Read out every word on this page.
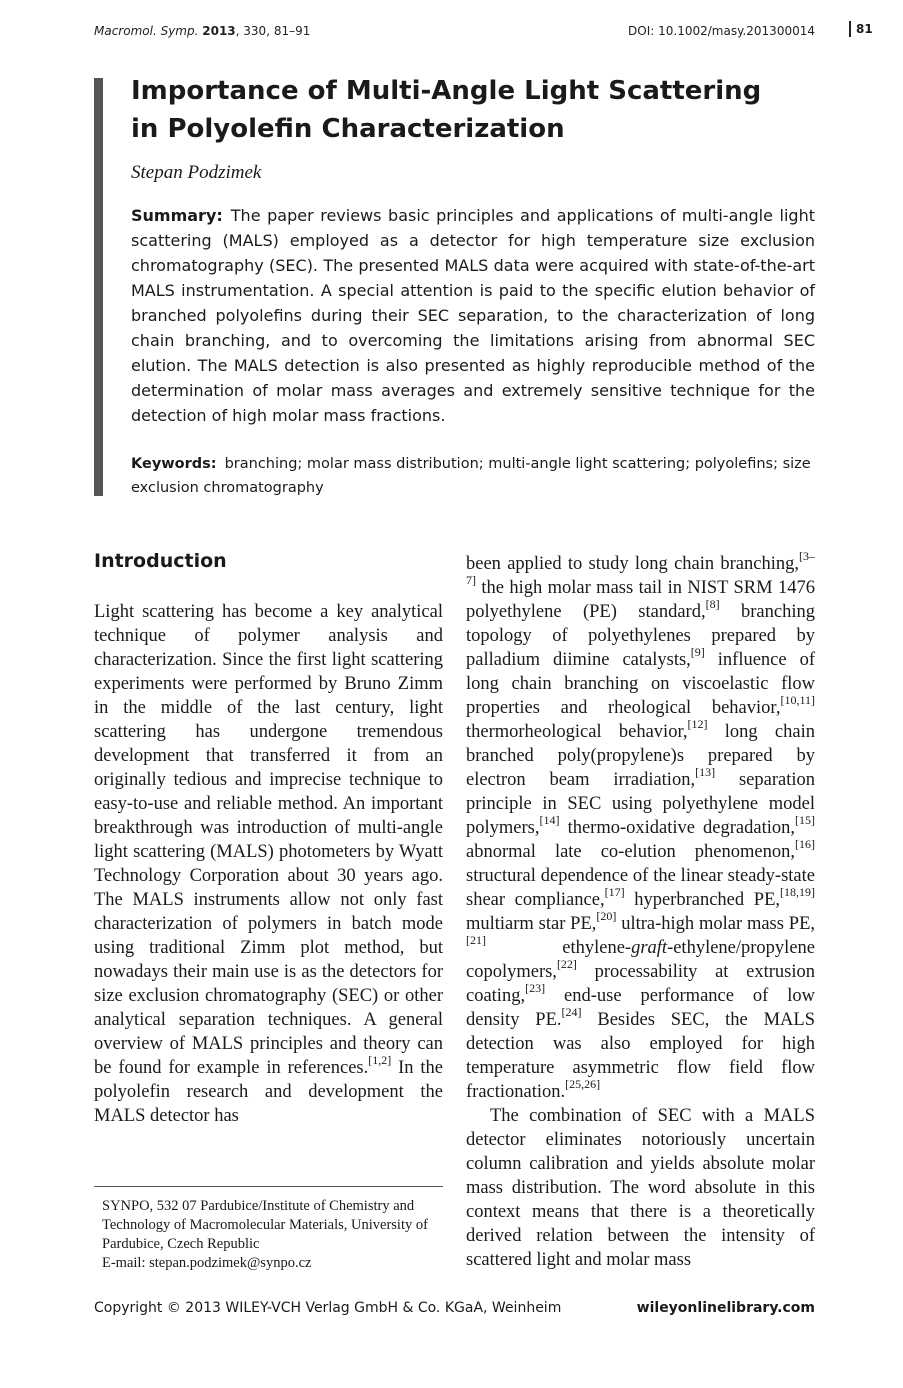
Macromol. Symp. 2013, 330, 81–91	DOI: 10.1002/masy.201300014	81
Importance of Multi-Angle Light Scattering
in Polyolefin Characterization
Stepan Podzimek

Summary: The paper reviews basic principles and applications of multi-angle light scattering (MALS) employed as a detector for high temperature size exclusion chromatography (SEC). The presented MALS data were acquired with state-of-the-art MALS instrumentation. A special attention is paid to the specific elution behavior of branched polyolefins during their SEC separation, to the characterization of long chain branching, and to overcoming the limitations arising from abnormal SEC elution. The MALS detection is also presented as highly reproducible method of the determination of molar mass averages and extremely sensitive technique for the detection of high molar mass fractions.

Keywords: branching; molar mass distribution; multi-angle light scattering; polyolefins; size exclusion chromatography

Introduction

Light scattering has become a key analytical technique of polymer analysis and characterization. Since the first light scattering experiments were performed by Bruno Zimm in the middle of the last century, light scattering has undergone tremendous development that transferred it from an originally tedious and imprecise technique to easy-to-use and reliable method. An important breakthrough was introduction of multi-angle light scattering (MALS) photometers by Wyatt Technology Corporation about 30 years ago. The MALS instruments allow not only fast characterization of polymers in batch mode using traditional Zimm plot method, but nowadays their main use is as the detectors for size exclusion chromatography (SEC) or other analytical separation techniques. A general overview of MALS principles and theory can be found for example in references.[1,2] In the polyolefin research and development the MALS detector has

been applied to study long chain branching,[3–7] the high molar mass tail in NIST SRM 1476 polyethylene (PE) standard,[8] branching topology of polyethylenes prepared by palladium diimine catalysts,[9] influence of long chain branching on viscoelastic flow properties and rheological behavior,[10,11] thermorheological behavior,[12] long chain branched poly(propylene)s prepared by electron beam irradiation,[13] separation principle in SEC using polyethylene model polymers,[14] thermo-oxidative degradation,[15] abnormal late co-elution phenomenon,[16] structural dependence of the linear steady-state shear compliance,[17] hyperbranched PE,[18,19] multiarm star PE,[20] ultra-high molar mass PE,[21] ethylene-graft-ethylene/propylene copolymers,[22] processability at extrusion coating,[23] end-use performance of low density PE.[24] Besides SEC, the MALS detection was also employed for high temperature asymmetric flow field flow fractionation.[25,26]

The combination of SEC with a MALS detector eliminates notoriously uncertain column calibration and yields absolute molar mass distribution. The word absolute in this context means that there is a theoretically derived relation between the intensity of scattered light and molar mass

SYNPO, 532 07 Pardubice/Institute of Chemistry and Technology of Macromolecular Materials, University of Pardubice, Czech Republic
E-mail: stepan.podzimek@synpo.cz
Copyright © 2013 WILEY-VCH Verlag GmbH & Co. KGaA, Weinheim	wileyonlinelibrary.com
